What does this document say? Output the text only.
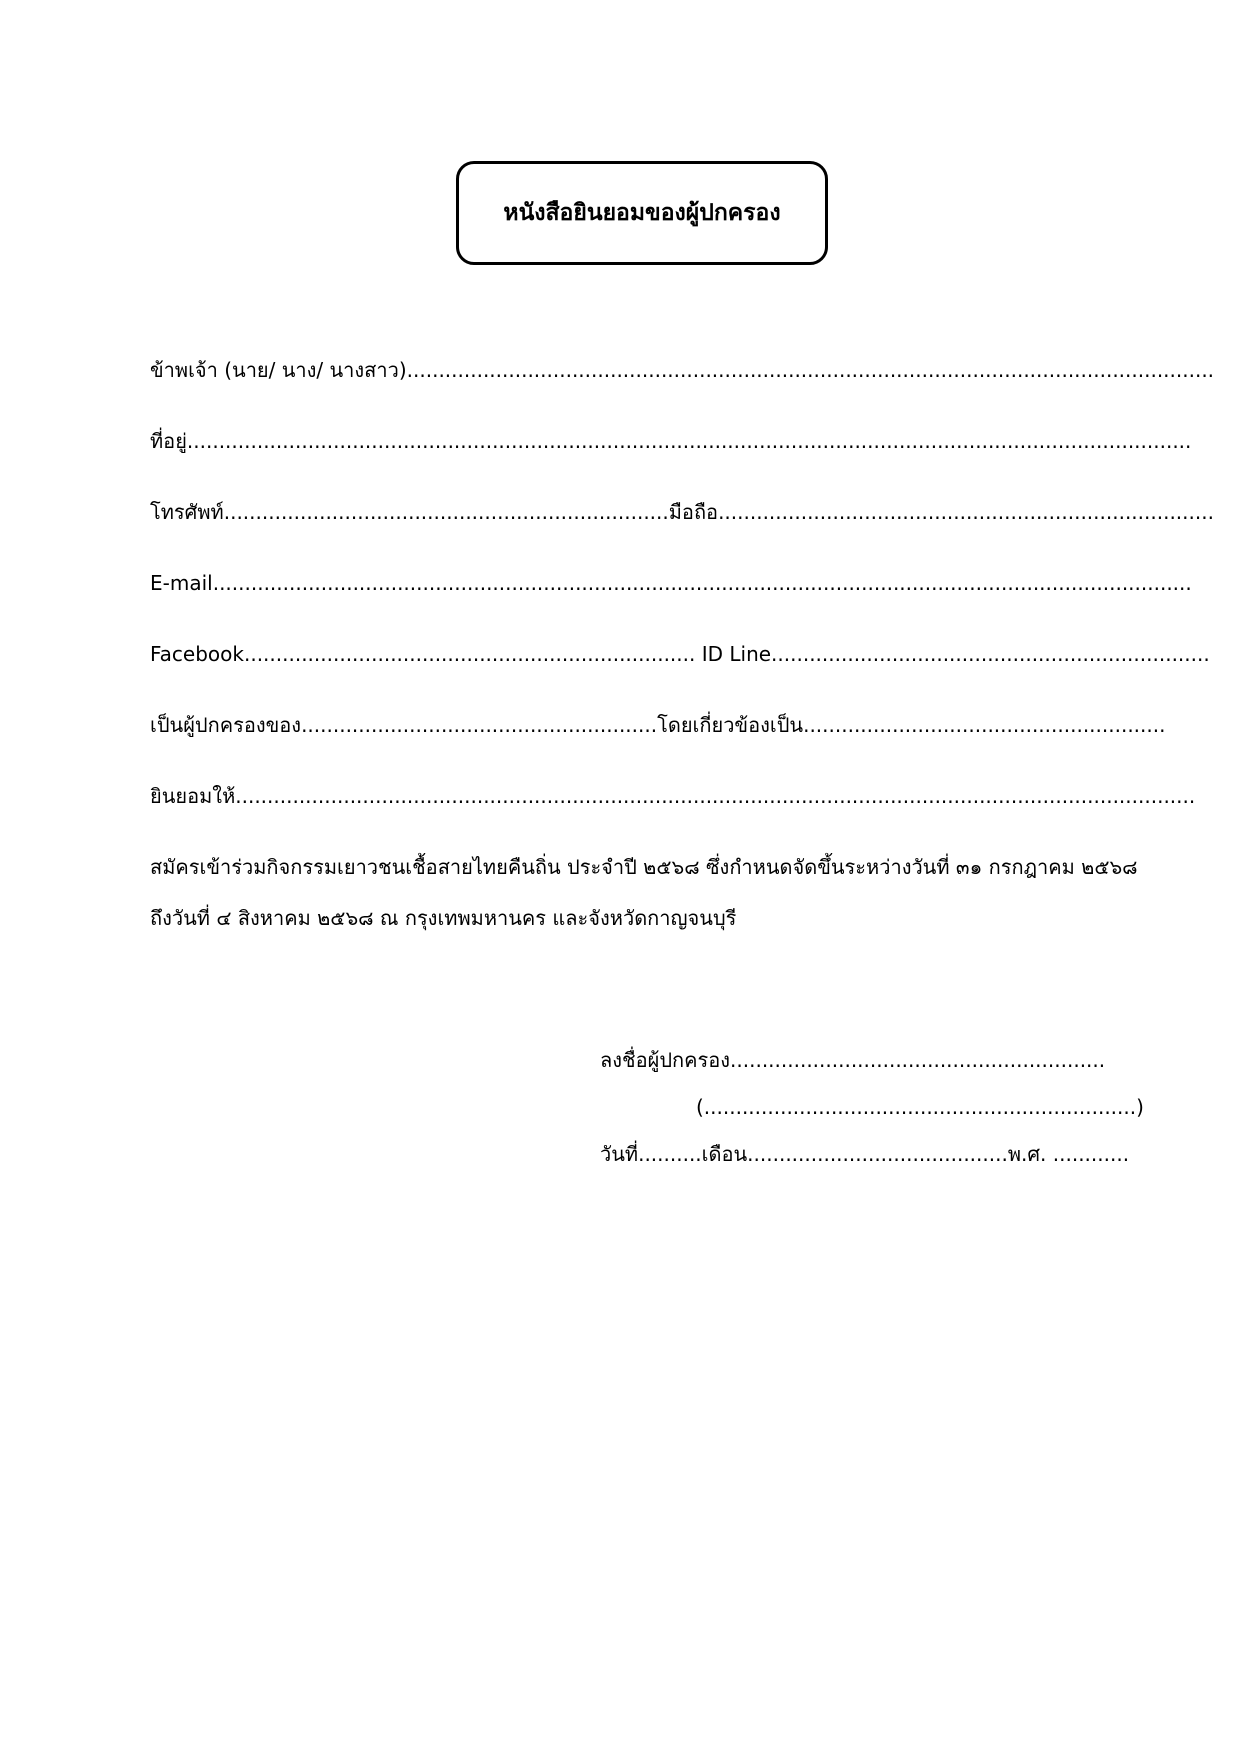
หนังสือยินยอมของผู้ปกครอง
ข้าพเจ้า (นาย/ นาง/ นางสาว)...............................................................................................................................
ที่อยู่..............................................................................................................................................................
โทรศัพท์......................................................................มือถือ..............................................................................
E-mail..........................................................................................................................................................
Facebook....................................................................... ID Line.....................................................................
เป็นผู้ปกครองของ........................................................โดยเกี่ยวข้องเป็น.........................................................
ยินยอมให้.......................................................................................................................................................
สมัครเข้าร่วมกิจกรรมเยาวชนเชื้อสายไทยคืนถิ่น ประจำปี ๒๕๖๘ ซึ่งกำหนดจัดขึ้นระหว่างวันที่ ๓๑ กรกฎาคม ๒๕๖๘
ถึงวันที่ ๔ สิงหาคม ๒๕๖๘ ณ กรุงเทพมหานคร และจังหวัดกาญจนบุรี
ลงชื่อผู้ปกครอง...........................................................
(....................................................................)
วันที่..........เดือน.........................................พ.ศ. ............
